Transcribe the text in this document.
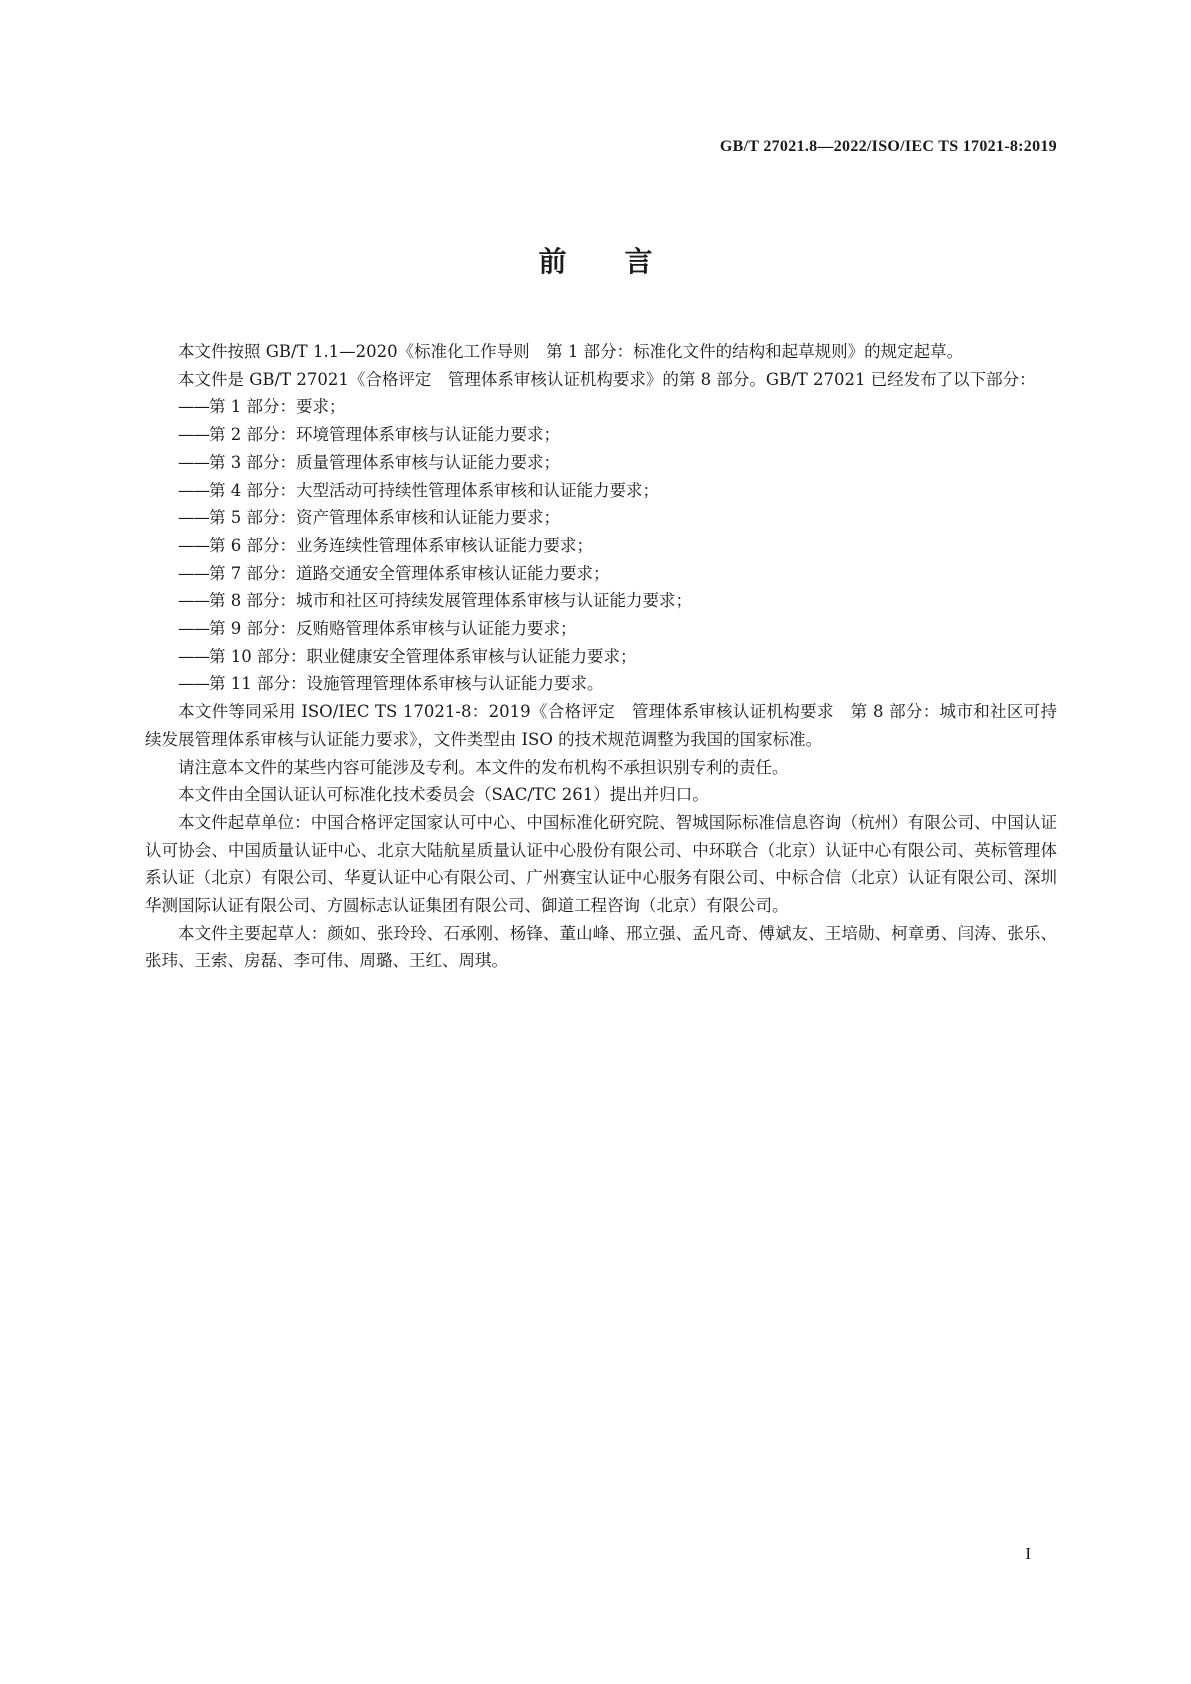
GB/T 27021.8—2022/ISO/IEC TS 17021-8:2019
前言

本文件按照 GB/T 1.1—2020《标准化工作导则　第 1 部分：标准化文件的结构和起草规则》的规定起草。

本文件是 GB/T 27021《合格评定　管理体系审核认证机构要求》的第 8 部分。GB/T 27021 已经发布了以下部分：

——第 1 部分：要求；
——第 2 部分：环境管理体系审核与认证能力要求；
——第 3 部分：质量管理体系审核与认证能力要求；
——第 4 部分：大型活动可持续性管理体系审核和认证能力要求；
——第 5 部分：资产管理体系审核和认证能力要求；
——第 6 部分：业务连续性管理体系审核认证能力要求；
——第 7 部分：道路交通安全管理体系审核认证能力要求；
——第 8 部分：城市和社区可持续发展管理体系审核与认证能力要求；
——第 9 部分：反贿赂管理体系审核与认证能力要求；
——第 10 部分：职业健康安全管理体系审核与认证能力要求；
——第 11 部分：设施管理管理体系审核与认证能力要求。

本文件等同采用 ISO/IEC TS 17021-8：2019《合格评定　管理体系审核认证机构要求　第 8 部分：城市和社区可持续发展管理体系审核与认证能力要求》，文件类型由 ISO 的技术规范调整为我国的国家标准。

请注意本文件的某些内容可能涉及专利。本文件的发布机构不承担识别专利的责任。

本文件由全国认证认可标准化技术委员会（SAC/TC 261）提出并归口。

本文件起草单位：中国合格评定国家认可中心、中国标准化研究院、智城国际标准信息咨询（杭州）有限公司、中国认证认可协会、中国质量认证中心、北京大陆航星质量认证中心股份有限公司、中环联合（北京）认证中心有限公司、英标管理体系认证（北京）有限公司、华夏认证中心有限公司、广州赛宝认证中心服务有限公司、中标合信（北京）认证有限公司、深圳华测国际认证有限公司、方圆标志认证集团有限公司、御道工程咨询（北京）有限公司。

本文件主要起草人：颜如、张玲玲、石承刚、杨锋、董山峰、邢立强、孟凡奇、傅斌友、王培勋、柯章勇、闫涛、张乐、张玮、王索、房磊、李可伟、周璐、王红、周琪。

I
